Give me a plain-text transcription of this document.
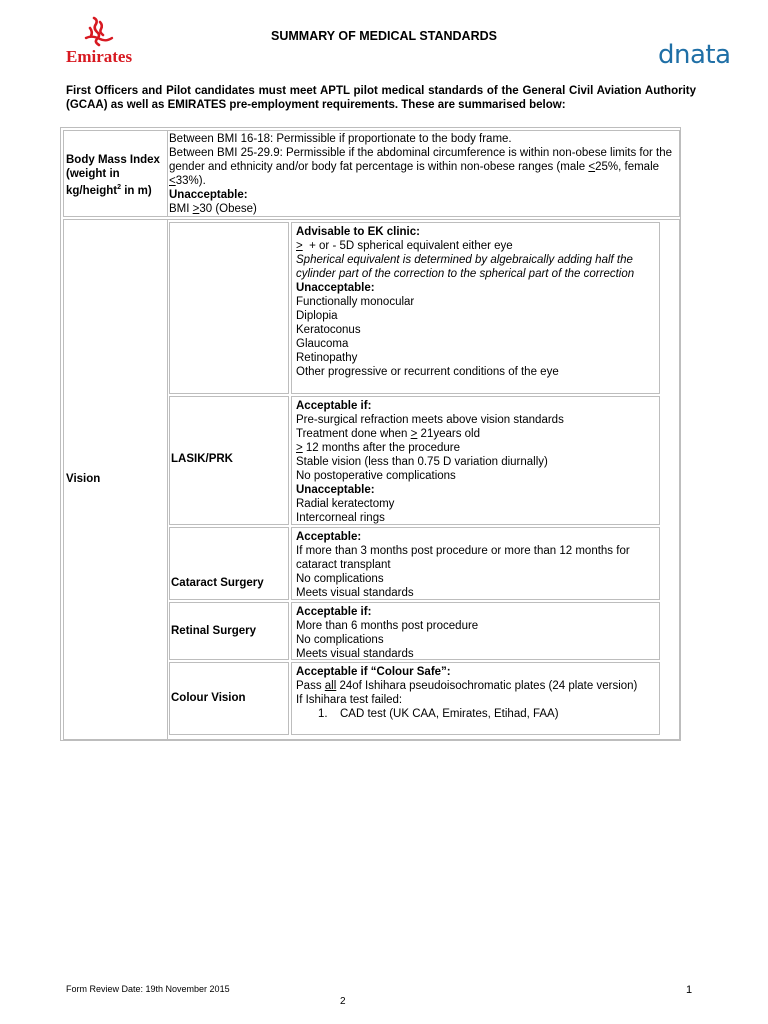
Emirates
SUMMARY OF MEDICAL STANDARDS
dnata
First Officers and Pilot candidates must meet APTL pilot medical standards of the General Civil Aviation Authority (GCAA) as well as EMIRATES pre-employment requirements. These are summarised below:
Body Mass Index
(weight in
kg/height$^2$ in m)
Between BMI 16-18: Permissible if proportionate to the body frame.
Between BMI 25-29.9: Permissible if the abdominal circumference is within non-obese limits for the gender and ethnicity and/or body fat percentage is within non-obese ranges (male <25%, female <33%).
Unacceptable:
BMI >30 (Obese)
Vision
Advisable to EK clinic:
>  + or - 5D spherical equivalent either eye
Spherical equivalent is determined by algebraically adding half the cylinder part of the correction to the spherical part of the correction
Unacceptable:
Functionally monocular
Diplopia
Keratoconus
Glaucoma
Retinopathy
Other progressive or recurrent conditions of the eye
LASIK/PRK
Acceptable if:
Pre-surgical refraction meets above vision standards
Treatment done when > 21years old
> 12 months after the procedure
Stable vision (less than 0.75 D variation diurnally)
No postoperative complications
Unacceptable:
Radial keratectomy
Intercorneal rings
Cataract Surgery
Acceptable:
If more than 3 months post procedure or more than 12 months for cataract transplant
No complications
Meets visual standards
Retinal Surgery
Acceptable if:
More than 6 months post procedure
No complications
Meets visual standards
Colour Vision
Acceptable if “Colour Safe”:
Pass all 24of Ishihara pseudoisochromatic plates (24 plate version)
If Ishihara test failed:
1. CAD test (UK CAA, Emirates, Etihad, FAA)
Form Review Date: 19th November 2015	1
2
